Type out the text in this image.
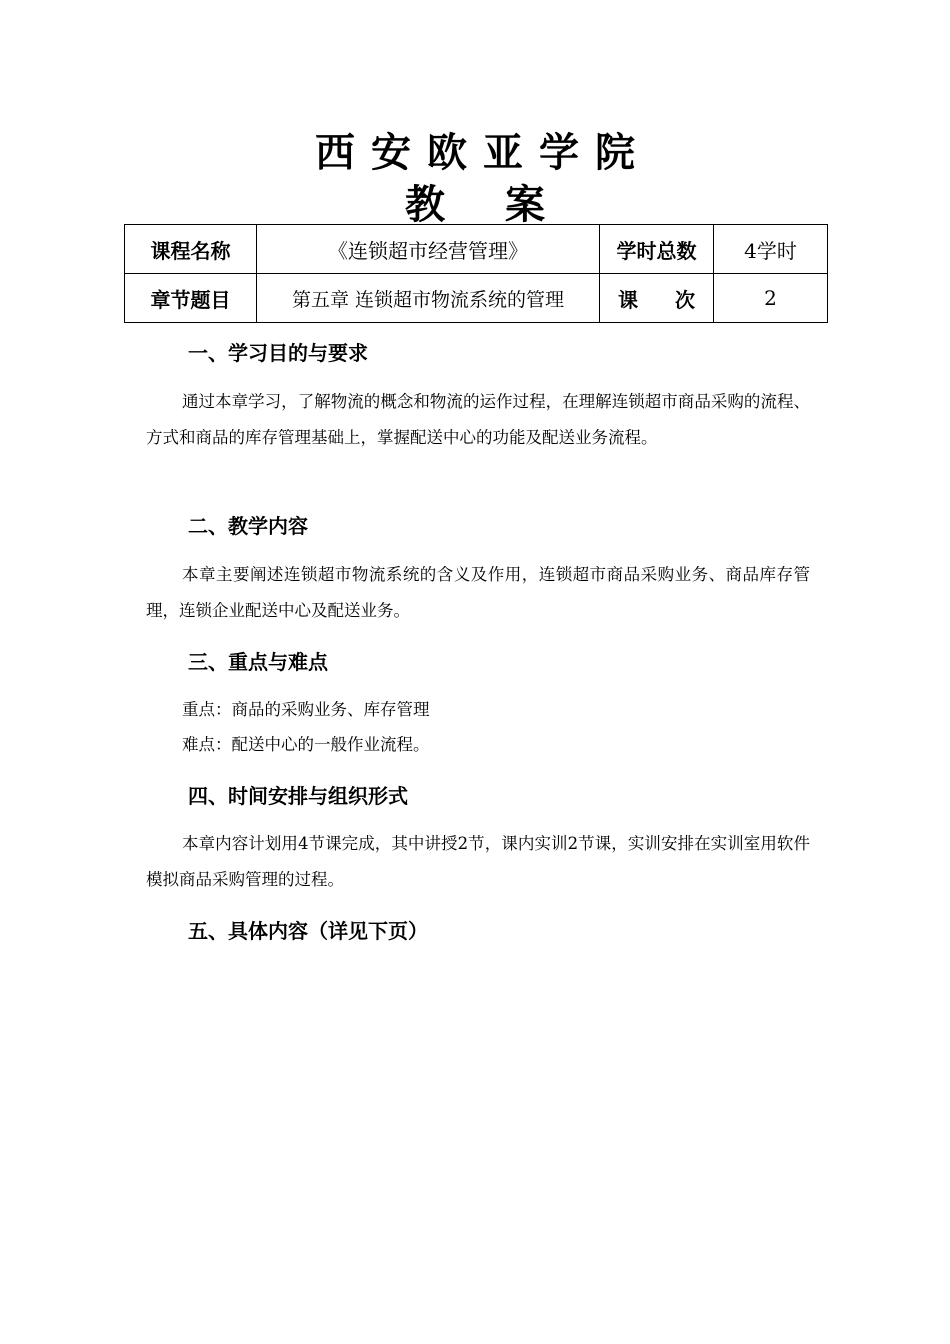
西安欧亚学院
教案
课程名称	《连锁超市经营管理》	学时总数	4学时
章节题目	第五章 连锁超市物流系统的管理	课次	2
一、学习目的与要求
通过本章学习，了解物流的概念和物流的运作过程，在理解连锁超市商品采购的流程、方式和商品的库存管理基础上，掌握配送中心的功能及配送业务流程。
二、教学内容
本章主要阐述连锁超市物流系统的含义及作用，连锁超市商品采购业务、商品库存管理，连锁企业配送中心及配送业务。
三、重点与难点
重点：商品的采购业务、库存管理
难点：配送中心的一般作业流程。
四、时间安排与组织形式
本章内容计划用4节课完成，其中讲授2节，课内实训2节课，实训安排在实训室用软件模拟商品采购管理的过程。
五、具体内容（详见下页）
